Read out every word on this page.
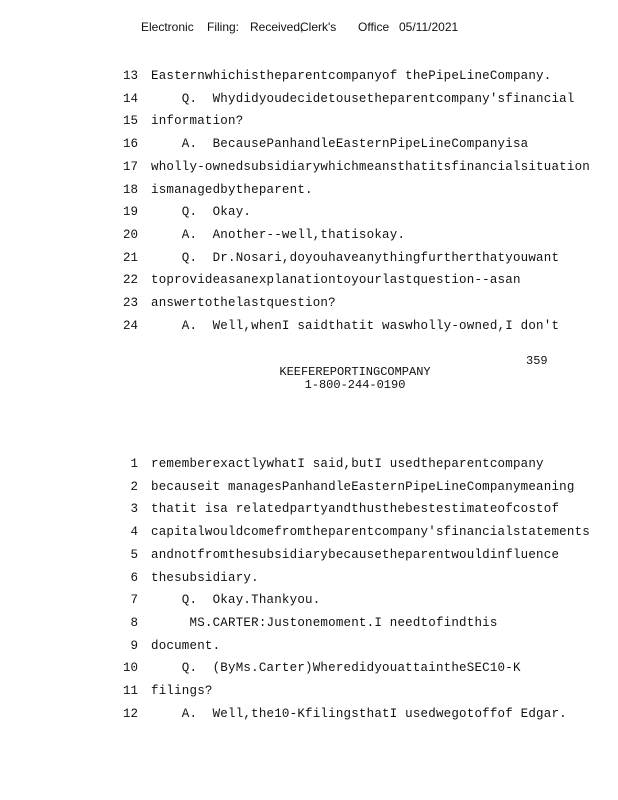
Electronic Filing: Received,
Clerk's Office 05/11/2021
13 Easternwhichistheparentcompanyof thePipeLineCompany.
14 Q.  Whydidyoudecidetousetheparentcompany'sfinancial
15 information?
16 A.  BecausePanhandleEasternPipeLineCompanyisa
17 wholly-ownedsubsidiarywhichmeansthatitsfinancialsituation
18 ismanagedbytheparent.
19 Q.  Okay.
20 A.  Another--well,thatisokay.
21 Q.  Dr.Nosari,doyouhaveanythingfurtherthatyouwant
22 toprovideasanexplanationtoyourlastquestion--asan
23 answertothelastquestion?
24 A.  Well,whenI saidthatit waswholly-owned,I don't
359
KEEFEREPORTINGCOMPANY
1-800-244-0190
1 rememberexactlywhatI said,butI usedtheparentcompany
2 becauseit managesPanhandleEasternPipeLineCompanymeaning
3 thatit isa relatedpartyandthusthebestestimateofcostof
4 capitalwouldcomefromtheparentcompany'sfinancialstatements
5 andnotfromthesubsidiarybecausetheparentwouldinfluence
6 thesubsidiary.
7 Q.  Okay.Thankyou.
8 MS.CARTER:Justonemoment.I needtofindthis
9 document.
10 Q.  (ByMs.Carter)WheredidyouattaintheSEC10-K
11 filings?
12 A.  Well,the10-KfilingsthatI usedwegotoffof Edgar.
